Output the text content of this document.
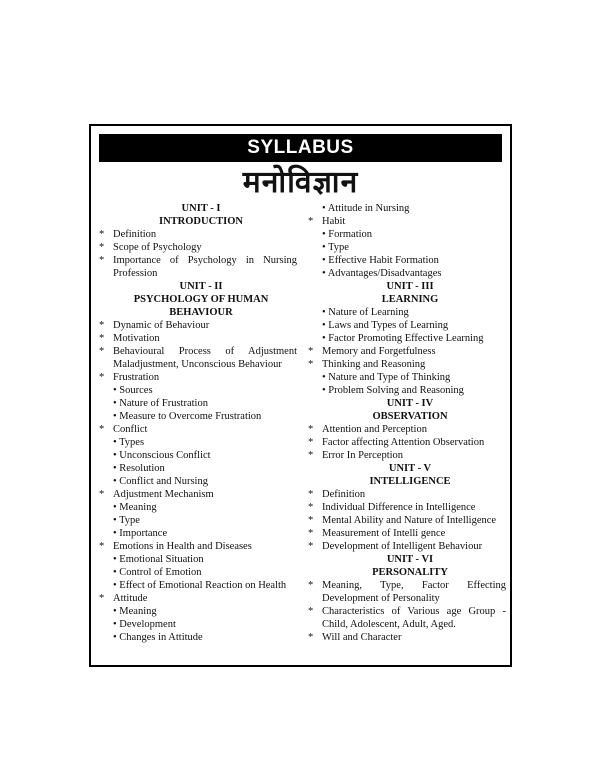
SYLLABUS
मनोविज्ञान
UNIT - I
INTRODUCTION
* Definition
* Scope of Psychology
* Importance of Psychology in Nursing Profession
UNIT - II
PSYCHOLOGY OF HUMAN
BEHAVIOUR
* Dynamic of Behaviour
* Motivation
* Behavioural Process of Adjustment Maladjustment, Unconscious Behaviour
* Frustration
• Sources
• Nature of Frustration
• Measure to Overcome Frustration
* Conflict
• Types
• Unconscious Conflict
• Resolution
• Conflict and Nursing
* Adjustment Mechanism
• Meaning
• Type
• Importance
* Emotions in Health and Diseases
• Emotional Situation
• Control of Emotion
• Effect of Emotional Reaction on Health
* Attitude
• Meaning
• Development
• Changes in Attitude
• Attitude in Nursing
* Habit
• Formation
• Type
• Effective Habit Formation
• Advantages/Disadvantages
UNIT - III
LEARNING
• Nature of Learning
• Laws and Types of Learning
• Factor Promoting Effective Learning
* Memory and Forgetfulness
* Thinking and Reasoning
• Nature and Type of Thinking
• Problem Solving and Reasoning
UNIT - IV
OBSERVATION
* Attention and Perception
* Factor affecting Attention Observation
* Error In Perception
UNIT - V
INTELLIGENCE
* Definition
* Individual Difference in Intelligence
* Mental Ability and Nature of Intelligence
* Measurement of Intelli gence
* Development of Intelligent Behaviour
UNIT - VI
PERSONALITY
* Meaning, Type, Factor Effecting Development of Personality
* Characteristics of Various age Group - Child, Adolescent, Adult, Aged.
* Will and Character
